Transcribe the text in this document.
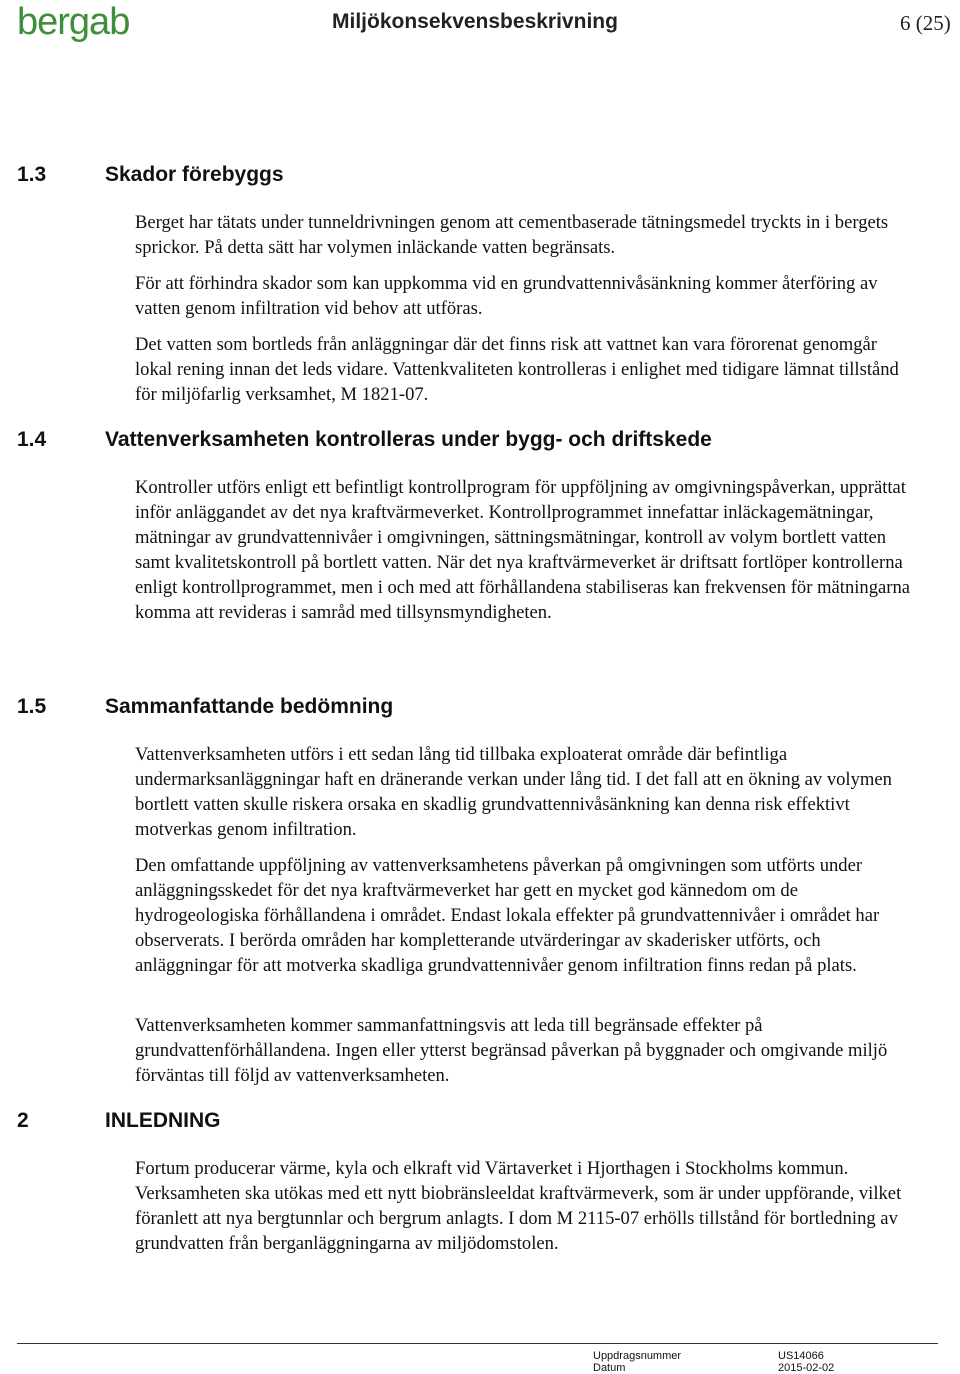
bergab	Miljökonsekvensbeskrivning	6 (25)
1.3	Skador förebyggs
Berget har tätats under tunneldrivningen genom att cementbaserade tätningsmedel tryckts in i bergets sprickor. På detta sätt har volymen inläckande vatten begränsats.
För att förhindra skador som kan uppkomma vid en grundvattennivåsänkning kommer återföring av vatten genom infiltration vid behov att utföras.
Det vatten som bortleds från anläggningar där det finns risk att vattnet kan vara förorenat genomgår lokal rening innan det leds vidare. Vattenkvaliteten kontrolleras i enlighet med tidigare lämnat tillstånd för miljöfarlig verksamhet, M 1821-07.
1.4	Vattenverksamheten kontrolleras under bygg- och driftskede
Kontroller utförs enligt ett befintligt kontrollprogram för uppföljning av omgivningspåverkan, upprättat inför anläggandet av det nya kraftvärmeverket. Kontrollprogrammet innefattar inläckagemätningar, mätningar av grundvattennivåer i omgivningen, sättningsmätningar, kontroll av volym bortlett vatten samt kvalitetskontroll på bortlett vatten. När det nya kraftvärmeverket är driftsatt fortlöper kontrollerna enligt kontrollprogrammet, men i och med att förhållandena stabiliseras kan frekvensen för mätningarna komma att revideras i samråd med tillsynsmyndigheten.
1.5	Sammanfattande bedömning
Vattenverksamheten utförs i ett sedan lång tid tillbaka exploaterat område där befintliga undermarksanläggningar haft en dränerande verkan under lång tid. I det fall att en ökning av volymen bortlett vatten skulle riskera orsaka en skadlig grundvattennivåsänkning kan denna risk effektivt motverkas genom infiltration.
Den omfattande uppföljning av vattenverksamhetens påverkan på omgivningen som utförts under anläggningsskedet för det nya kraftvärmeverket har gett en mycket god kännedom om de hydrogeologiska förhållandena i området. Endast lokala effekter på grundvattennivåer i området har observerats. I berörda områden har kompletterande utvärderingar av skaderisker utförts, och anläggningar för att motverka skadliga grundvattennivåer genom infiltration finns redan på plats.
Vattenverksamheten kommer sammanfattningsvis att leda till begränsade effekter på grundvattenförhållandena. Ingen eller ytterst begränsad påverkan på byggnader och omgivande miljö förväntas till följd av vattenverksamheten.
2	INLEDNING
Fortum producerar värme, kyla och elkraft vid Värtaverket i Hjorthagen i Stockholms kommun. Verksamheten ska utökas med ett nytt biobränsleeldat kraftvärmeverk, som är under uppförande, vilket föranlett att nya bergtunnlar och bergrum anlagts. I dom M 2115-07 erhölls tillstånd för bortledning av grundvatten från berganläggningarna av miljödomstolen.
Uppdragsnummer	US14066
Datum	2015-02-02
